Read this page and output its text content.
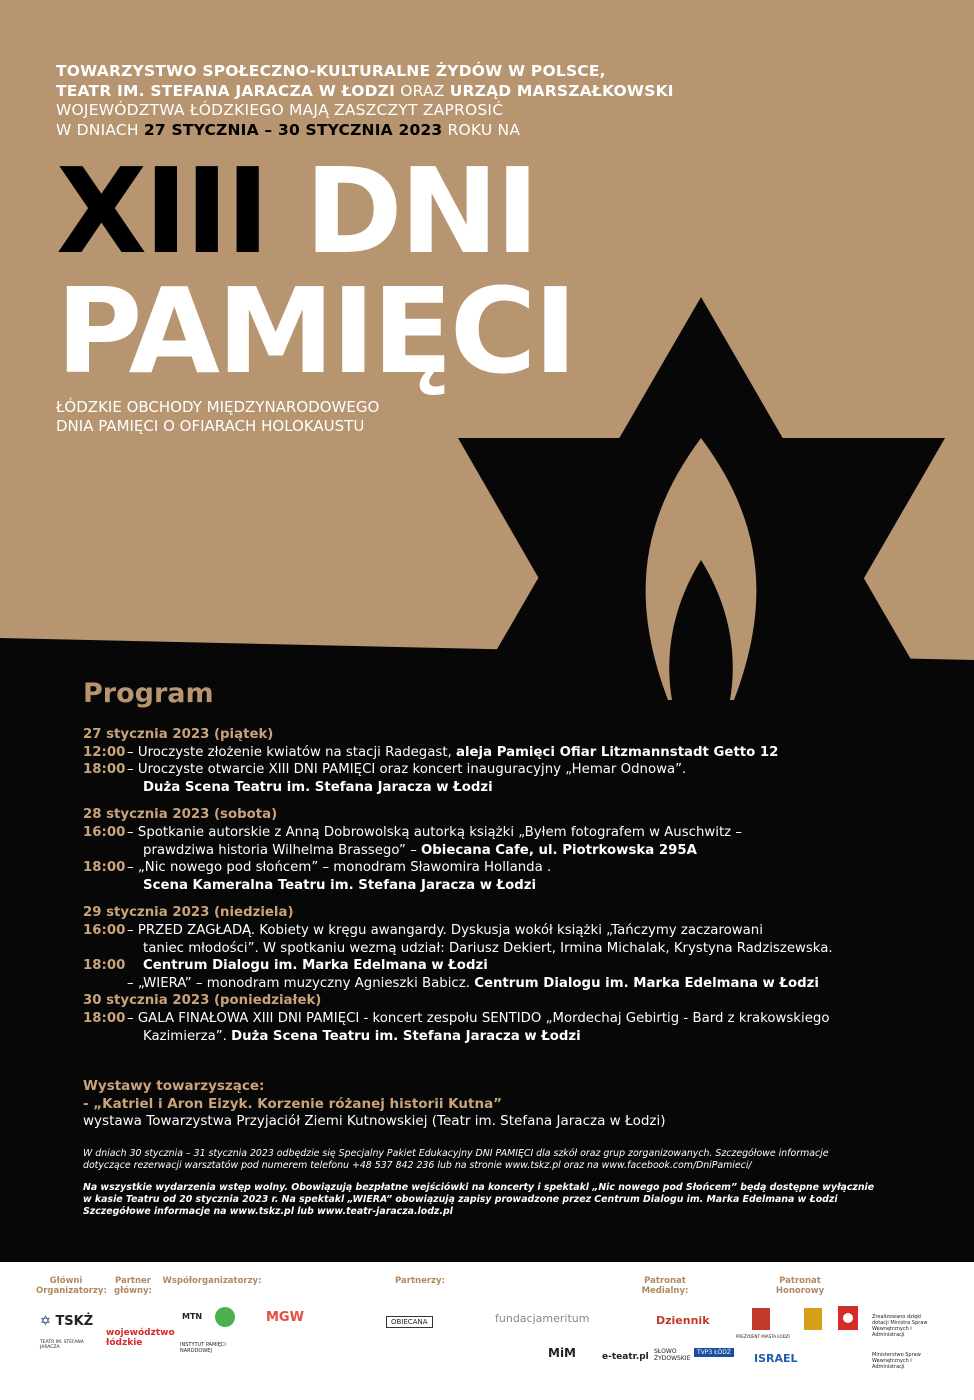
TOWARZYSTWO SPOŁECZNO-KULTURALNE ŻYDÓW W POLSCE,
TEATR IM. STEFANA JARACZA W ŁODZI ORAZ URZĄD MARSZAŁKOWSKI
WOJEWÓDZTWA ŁÓDZKIEGO MAJĄ ZASZCZYT ZAPROSIĆ
W DNIACH 27 STYCZNIA – 30 STYCZNIA 2023 ROKU NA
XIII DNI
PAMIĘCI
ŁÓDZKIE OBCHODY MIĘDZYNARODOWEGO
DNIA PAMIĘCI O OFIARACH HOLOKAUSTU
Program
27 stycznia 2023 (piątek)
12:00 – Uroczyste złożenie kwiatów na stacji Radegast, aleja Pamięci Ofiar Litzmannstadt Getto 12
18:00 – Uroczyste otwarcie XIII DNI PAMIĘCI oraz koncert inauguracyjny „Hemar Odnowa”.
Duża Scena Teatru im. Stefana Jaracza w Łodzi
28 stycznia 2023 (sobota)
16:00 – Spotkanie autorskie z Anną Dobrowolską autorką książki „Byłem fotografem w Auschwitz –
prawdziwa historia Wilhelma Brassego” – Obiecana Cafe, ul. Piotrkowska 295A
18:00 – „Nic nowego pod słońcem” – monodram Sławomira Hollanda .
Scena Kameralna Teatru im. Stefana Jaracza w Łodzi
29 stycznia 2023 (niedziela)
16:00 – PRZED ZAGŁADĄ. Kobiety w kręgu awangardy. Dyskusja wokół książki „Tańczymy zaczarowani
taniec młodości”. W spotkaniu wezmą udział: Dariusz Dekiert, Irmina Michalak, Krystyna Radziszewska.
18:00	Centrum Dialogu im. Marka Edelmana w Łodzi
– „WIERA” – monodram muzyczny Agnieszki Babicz. Centrum Dialogu im. Marka Edelmana w Łodzi
30 stycznia 2023 (poniedziałek)
18:00 – GALA FINAŁOWA XIII DNI PAMIĘCI - koncert zespołu SENTIDO „Mordechaj Gebirtig - Bard z krakowskiego
Kazimierza”. Duża Scena Teatru im. Stefana Jaracza w Łodzi
Wystawy towarzyszące:
- „Katriel i Aron Eizyk. Korzenie różanej historii Kutna”
wystawa Towarzystwa Przyjaciół Ziemi Kutnowskiej (Teatr im. Stefana Jaracza w Łodzi)
W dniach 30 stycznia – 31 stycznia 2023 odbędzie się Specjalny Pakiet Edukacyjny DNI PAMIĘCI dla szkół oraz grup zorganizowanych. Szczegółowe informacje
dotyczące rezerwacji warsztatów pod numerem telefonu +48 537 842 236 lub na stronie www.tskz.pl oraz na www.facebook.com/DniPamieci/
Na wszystkie wydarzenia wstęp wolny. Obowiązują bezpłatne wejściówki na koncerty i spektakl „Nic nowego pod Słońcem” będą dostępne wyłącznie
w kasie Teatru od 20 stycznia 2023 r. Na spektakl „WIERA” obowiązują zapisy prowadzone przez Centrum Dialogu im. Marka Edelmana w Łodzi
Szczegółowe informacje na www.tskz.pl lub www.teatr-jaracza.lodz.pl
Główni Organizatorzy:
Partner główny:
Współorganizatorzy:	Partnerzy:	Patronat Medialny:
Patronat Honorowy
✡ TSKŻ
TEATR IM. STEFANA JARACZA
województwo łódzkie
MTN
INSTYTUT PAMIĘCI NARODOWEJ
MGW	OBIECANA	fundacjameritum
MiM	e-teatr.pl
Dziennik
SŁOWO ŻYDOWSKIE
TVP3 ŁÓDŹ
PREZYDENT MIASTA ŁODZI
ISRAEL
Zrealizowano dzięki dotacji Ministra Spraw Wewnętrznych i Administracji
Ministerstwo Spraw Wewnętrznych i Administracji
